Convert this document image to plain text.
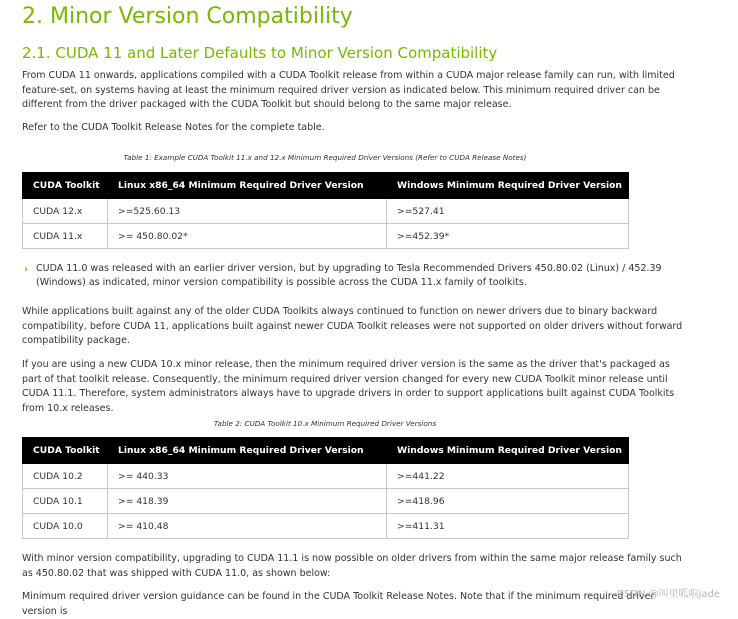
2. Minor Version Compatibility
2.1. CUDA 11 and Later Defaults to Minor Version Compatibility

From CUDA 11 onwards, applications compiled with a CUDA Toolkit release from within a CUDA major release family can run, with limited feature-set, on systems having at least the minimum required driver version as indicated below. This minimum required driver can be different from the driver packaged with the CUDA Toolkit but should belong to the same major release.

Refer to the CUDA Toolkit Release Notes for the complete table.

Table 1: Example CUDA Toolkit 11.x and 12.x Minimum Required Driver Versions (Refer to CUDA Release Notes)

CUDA Toolkit	Linux x86_64 Minimum Required Driver Version	Windows Minimum Required Driver Version
CUDA 12.x	>=525.60.13	>=527.41
CUDA 11.x	>= 450.80.02*	>=452.39*
› CUDA 11.0 was released with an earlier driver version, but by upgrading to Tesla Recommended Drivers 450.80.02 (Linux) / 452.39 (Windows) as indicated, minor version compatibility is possible across the CUDA 11.x family of toolkits.

While applications built against any of the older CUDA Toolkits always continued to function on newer drivers due to binary backward compatibility, before CUDA 11, applications built against newer CUDA Toolkit releases were not supported on older drivers without forward compatibility package.

If you are using a new CUDA 10.x minor release, then the minimum required driver version is the same as the driver that's packaged as part of that toolkit release. Consequently, the minimum required driver version changed for every new CUDA Toolkit minor release until CUDA 11.1. Therefore, system administrators always have to upgrade drivers in order to support applications built against CUDA Toolkits from 10.x releases.

Table 2: CUDA Toolkit 10.x Minimum Required Driver Versions

CUDA Toolkit	Linux x86_64 Minimum Required Driver Version	Windows Minimum Required Driver Version
CUDA 10.2	>= 440.33	>=441.22
CUDA 10.1	>= 418.39	>=418.96
CUDA 10.0	>= 410.48	>=411.31

With minor version compatibility, upgrading to CUDA 11.1 is now possible on older drivers from within the same major release family such as 450.80.02 that was shipped with CUDA 11.0, as shown below:

Minimum required driver version guidance can be found in the CUDA Toolkit Release Notes. Note that if the minimum required driver version is

CSDN @叫里呱啦jade
